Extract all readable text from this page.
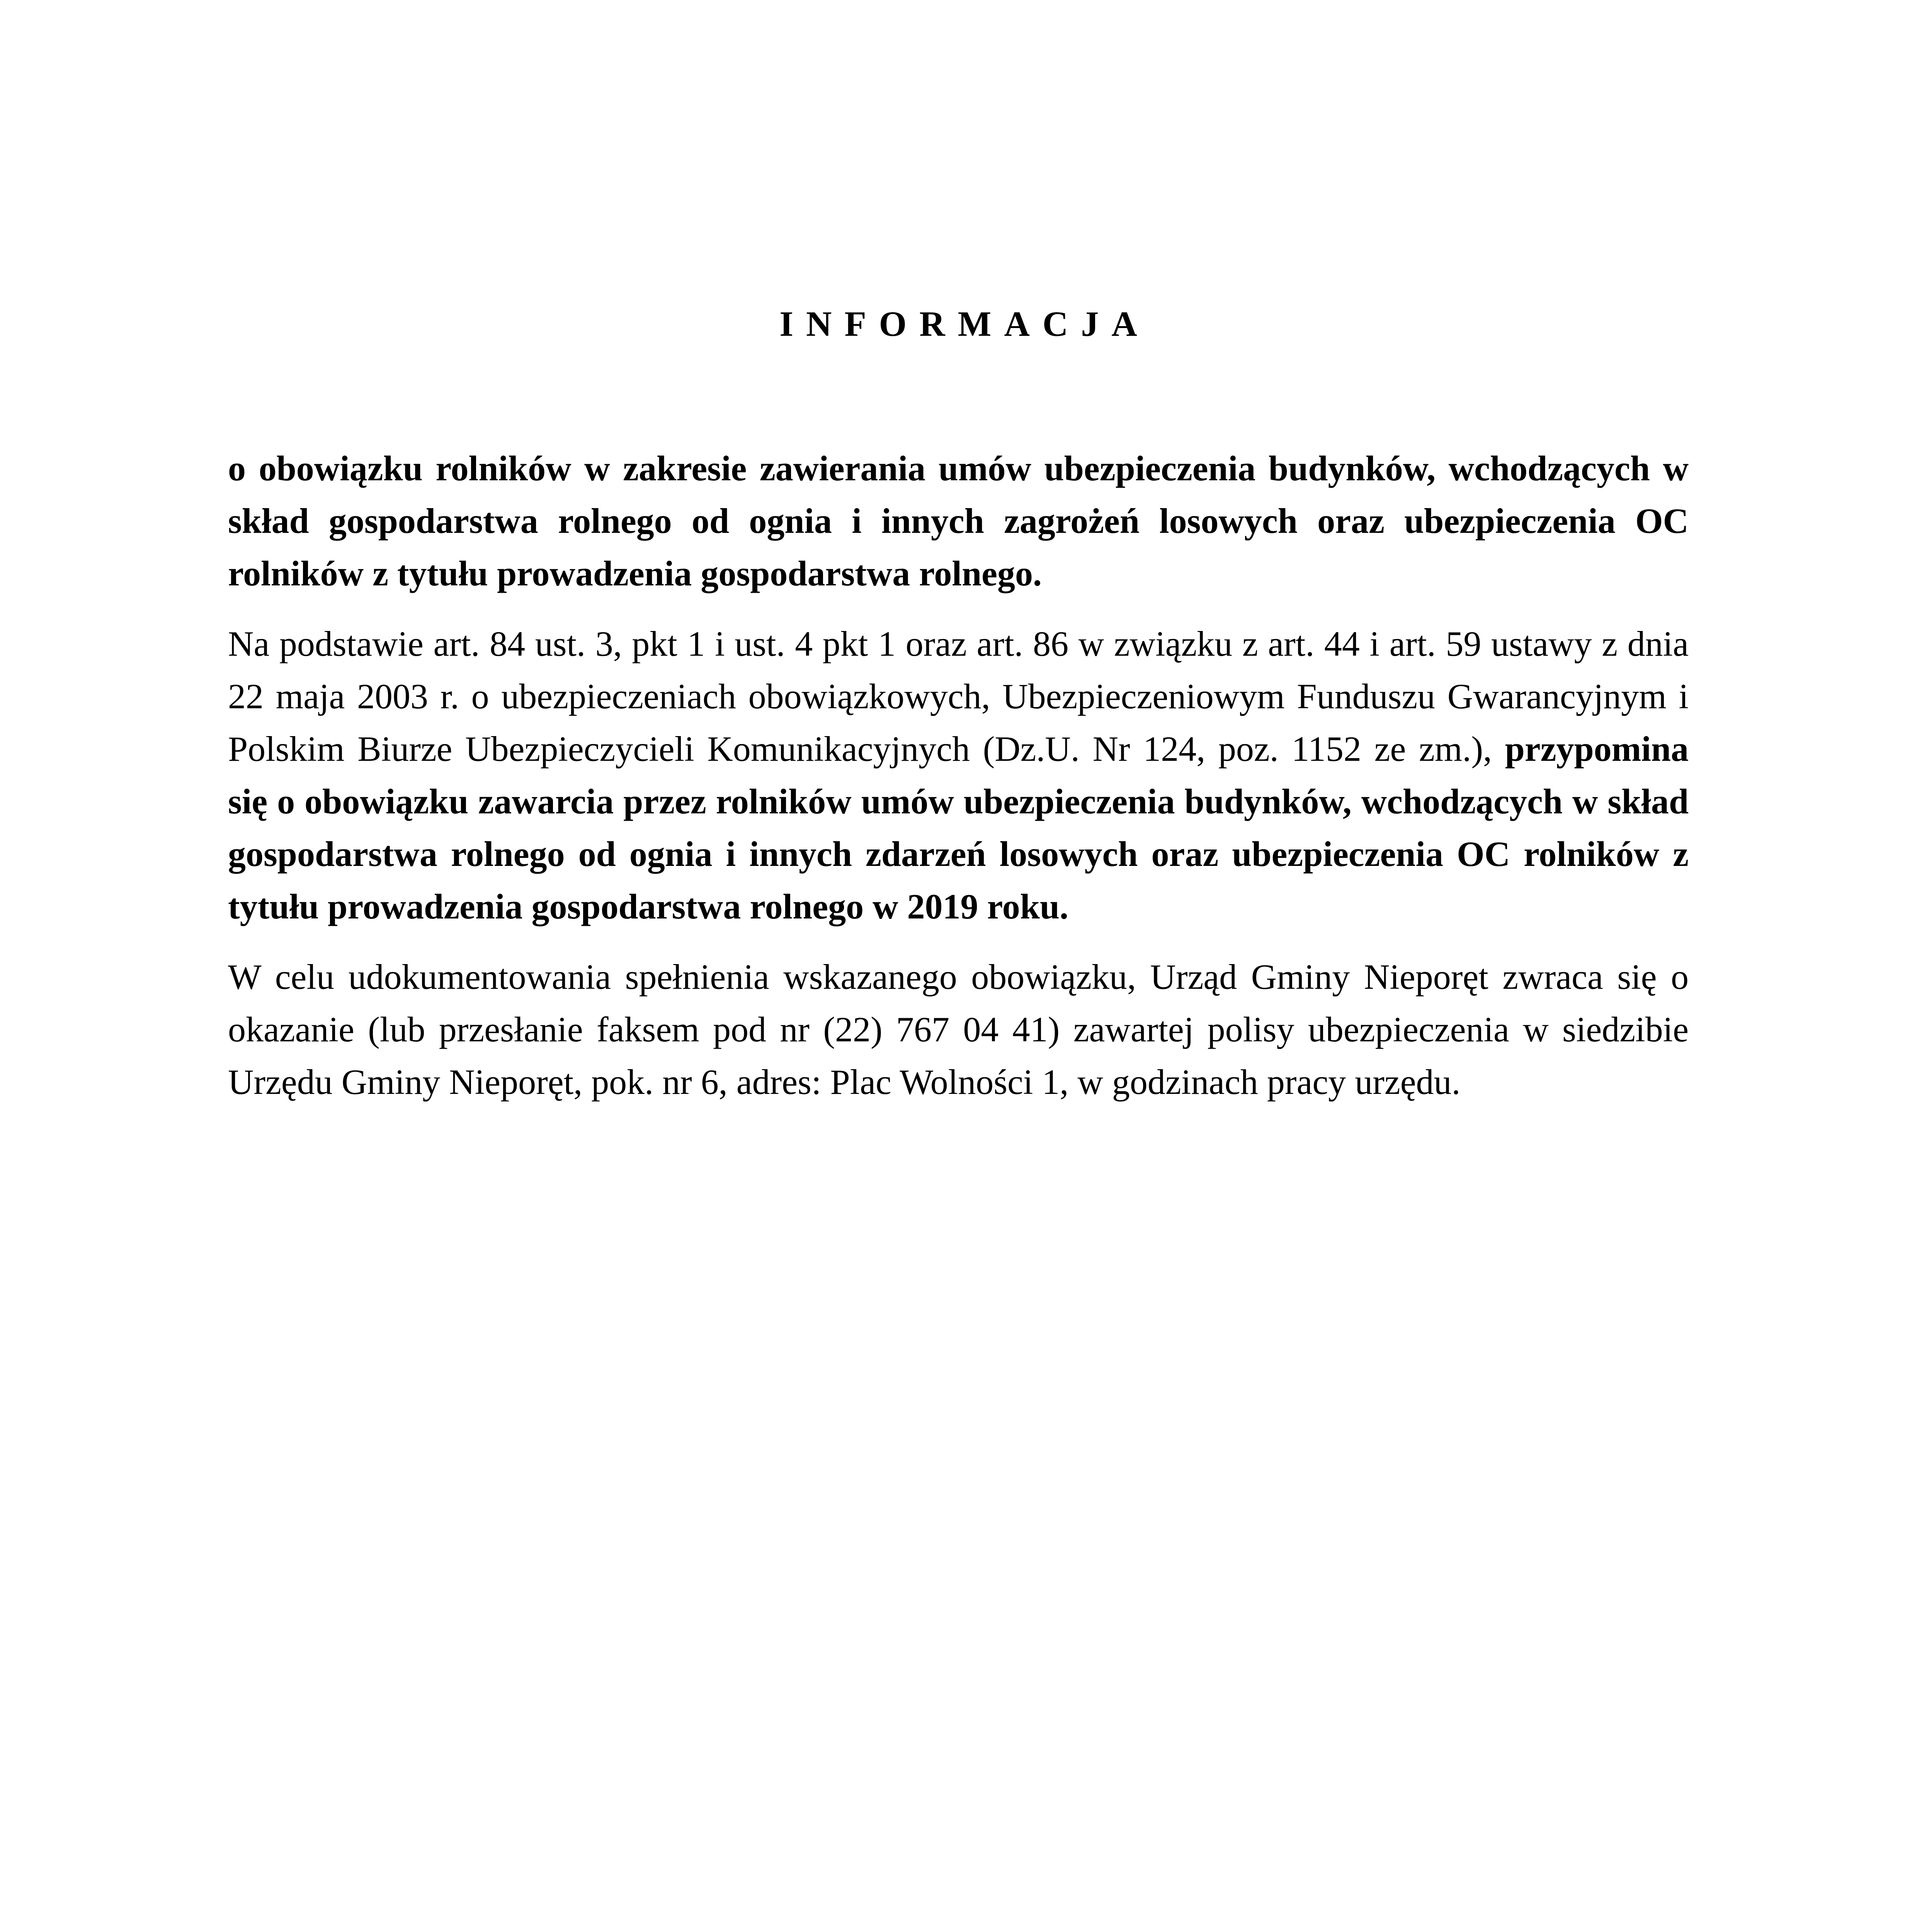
INFORMACJA

o obowiązku rolników w zakresie zawierania umów ubezpieczenia budynków, wchodzących w skład gospodarstwa rolnego od ognia i innych zagrożeń losowych oraz ubezpieczenia OC rolników z tytułu prowadzenia gospodarstwa rolnego.

Na podstawie art. 84 ust. 3, pkt 1 i ust. 4 pkt 1 oraz art. 86 w związku z art. 44 i art. 59 ustawy z dnia 22 maja 2003 r. o ubezpieczeniach obowiązkowych, Ubezpieczeniowym Funduszu Gwarancyjnym i Polskim Biurze Ubezpieczycieli Komunikacyjnych (Dz.U. Nr 124, poz. 1152 ze zm.), przypomina się o obowiązku zawarcia przez rolników umów ubezpieczenia budynków, wchodzących w skład gospodarstwa rolnego od ognia i innych zdarzeń losowych oraz ubezpieczenia OC rolników z tytułu prowadzenia gospodarstwa rolnego w 2019 roku.

W celu udokumentowania spełnienia wskazanego obowiązku, Urząd Gminy Nieporęt zwraca się o okazanie (lub przesłanie faksem pod nr (22) 767 04 41) zawartej polisy ubezpieczenia w siedzibie Urzędu Gminy Nieporęt, pok. nr 6, adres: Plac Wolności 1, w godzinach pracy urzędu.
